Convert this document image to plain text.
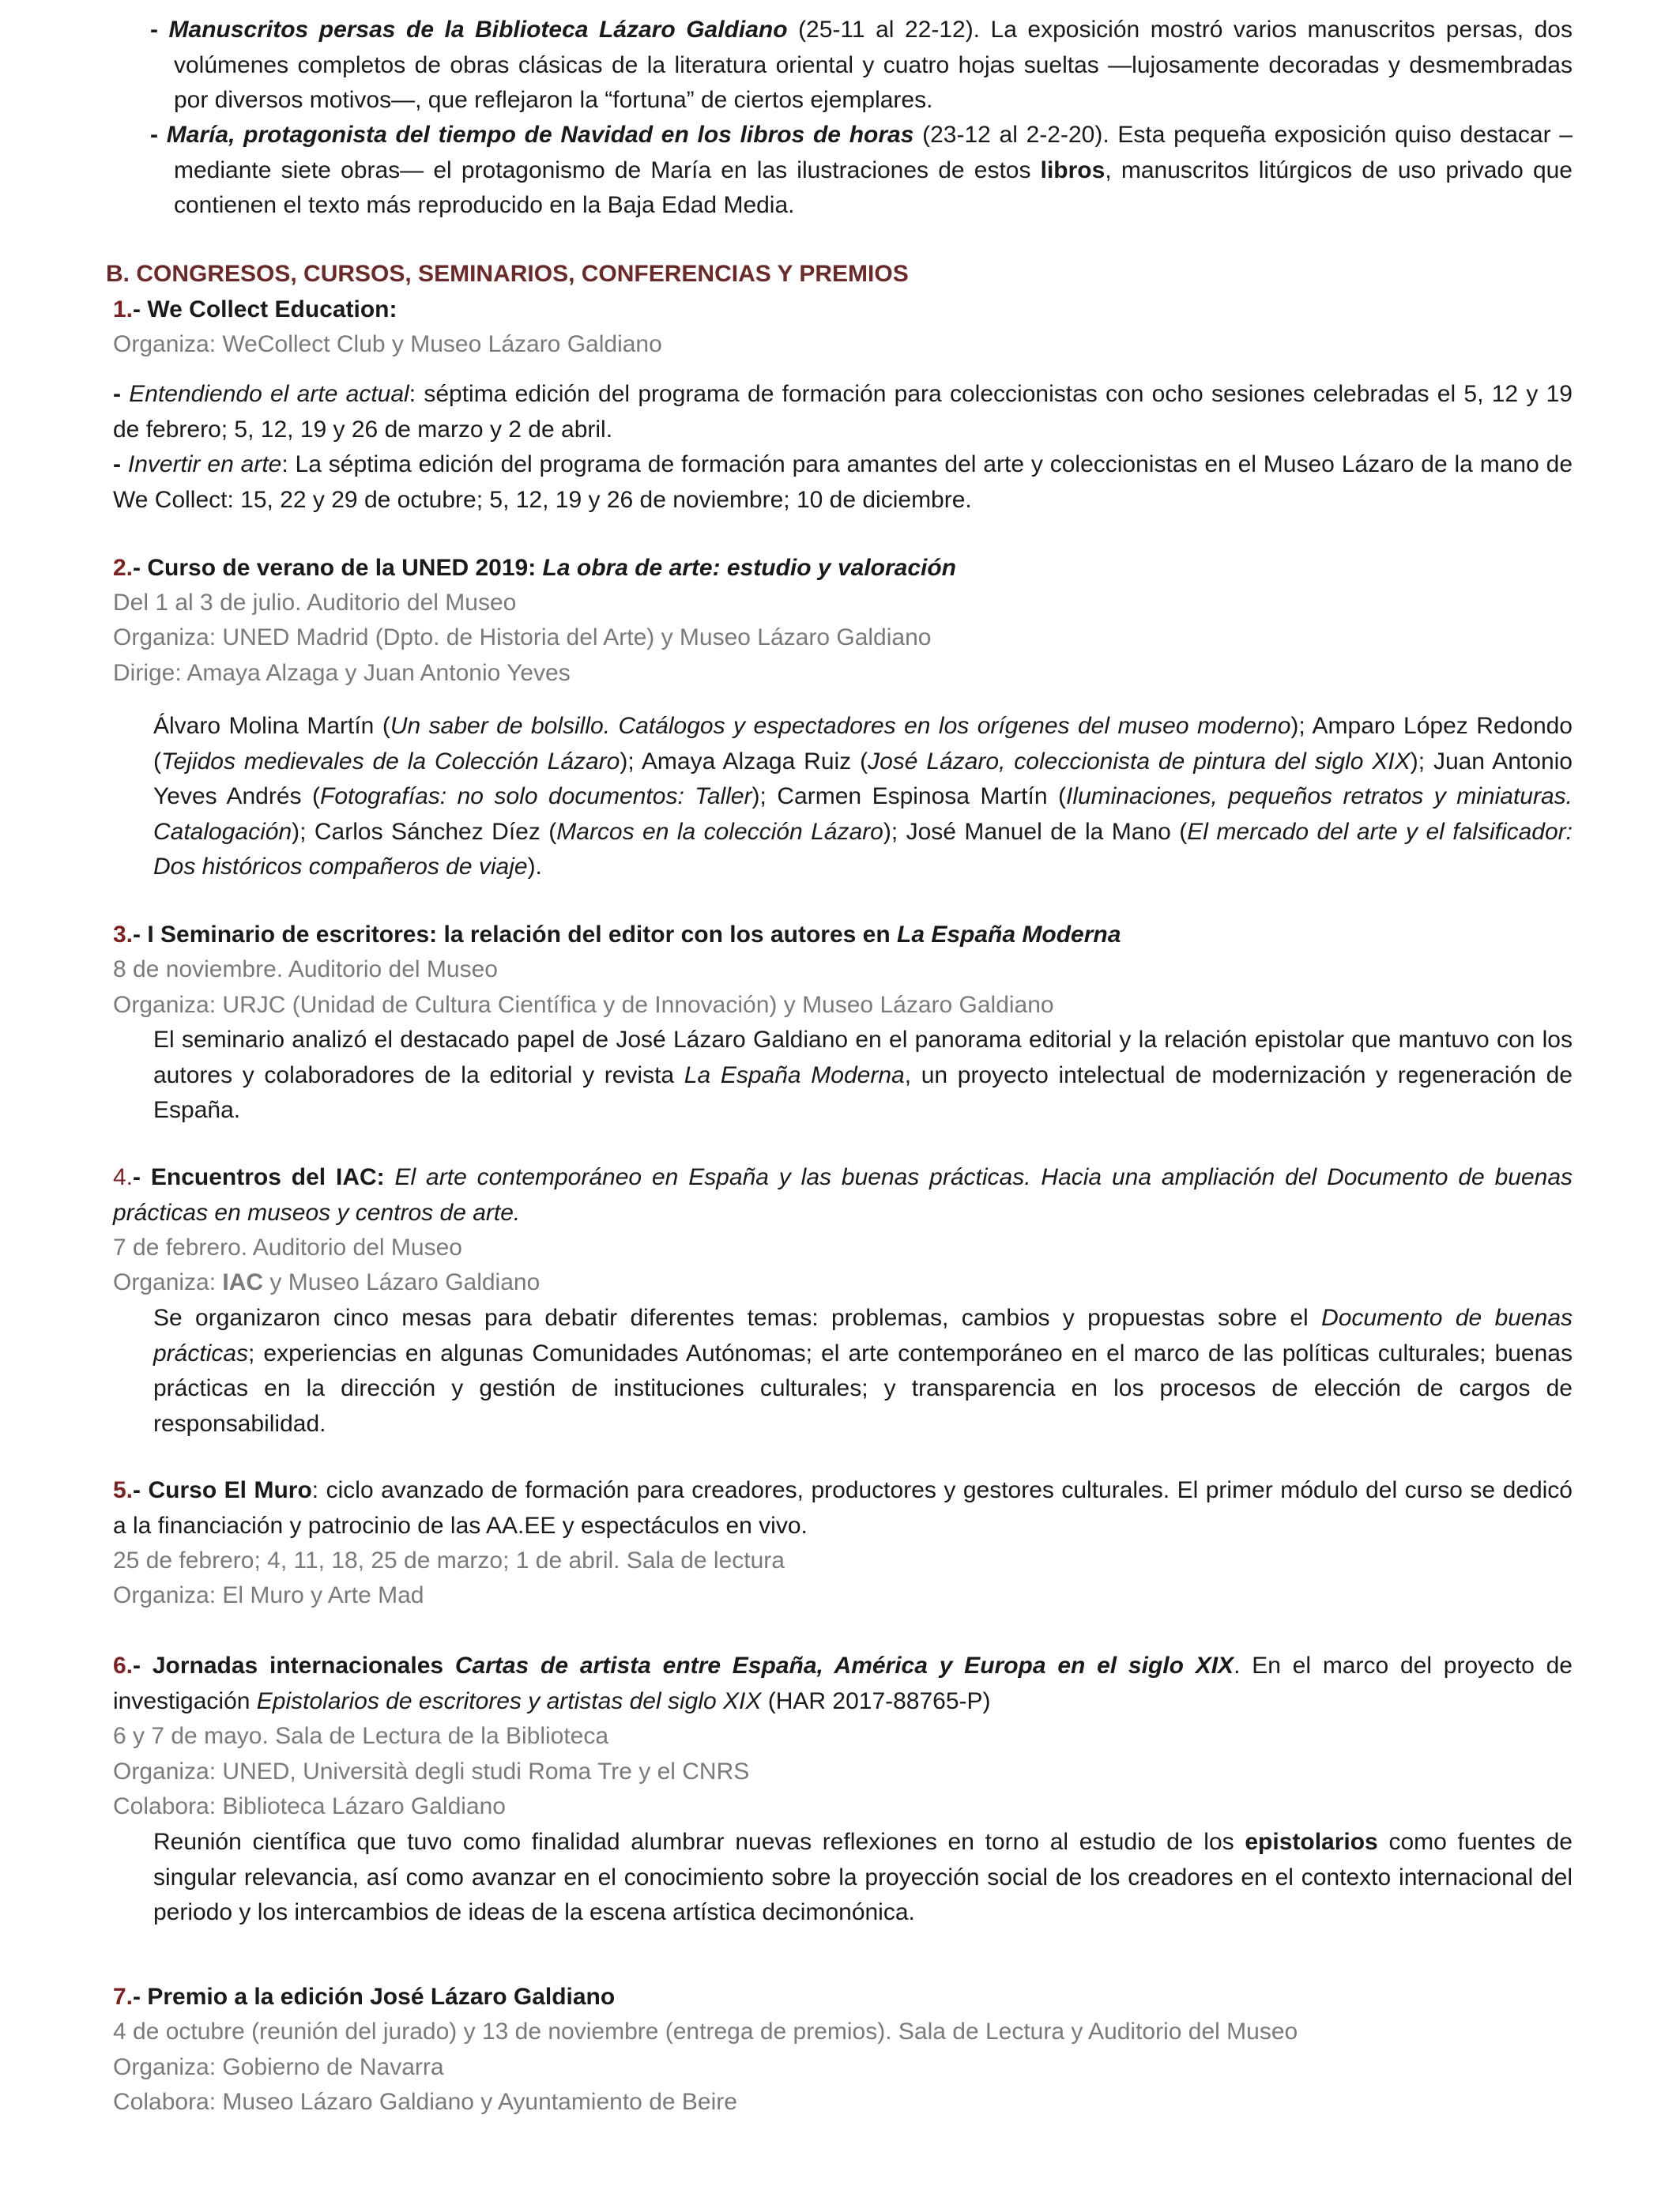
- Manuscritos persas de la Biblioteca Lázaro Galdiano (25-11 al 22-12). La exposición mostró varios manuscritos persas, dos volúmenes completos de obras clásicas de la literatura oriental y cuatro hojas sueltas —lujosamente decoradas y desmembradas por diversos motivos—, que reflejaron la “fortuna” de ciertos ejemplares.
- María, protagonista del tiempo de Navidad en los libros de horas (23-12 al 2-2-20). Esta pequeña exposición quiso destacar –mediante siete obras— el protagonismo de María en las ilustraciones de estos libros, manuscritos litúrgicos de uso privado que contienen el texto más reproducido en la Baja Edad Media.
B. CONGRESOS, CURSOS, SEMINARIOS, CONFERENCIAS Y PREMIOS
1.- We Collect Education:
Organiza: WeCollect Club y Museo Lázaro Galdiano
- Entendiendo el arte actual: séptima edición del programa de formación para coleccionistas con ocho sesiones celebradas el 5, 12 y 19 de febrero; 5, 12, 19 y 26 de marzo y 2 de abril.
- Invertir en arte: La séptima edición del programa de formación para amantes del arte y coleccionistas en el Museo Lázaro de la mano de We Collect: 15, 22 y 29 de octubre; 5, 12, 19 y 26 de noviembre; 10 de diciembre.
2.- Curso de verano de la UNED 2019: La obra de arte: estudio y valoración
Del 1 al 3 de julio. Auditorio del Museo
Organiza: UNED Madrid (Dpto. de Historia del Arte) y Museo Lázaro Galdiano
Dirige: Amaya Alzaga y Juan Antonio Yeves
Álvaro Molina Martín (Un saber de bolsillo. Catálogos y espectadores en los orígenes del museo moderno); Amparo López Redondo (Tejidos medievales de la Colección Lázaro); Amaya Alzaga Ruiz (José Lázaro, coleccionista de pintura del siglo XIX); Juan Antonio Yeves Andrés (Fotografías: no solo documentos: Taller); Carmen Espinosa Martín (Iluminaciones, pequeños retratos y miniaturas. Catalogación); Carlos Sánchez Díez (Marcos en la colección Lázaro); José Manuel de la Mano (El mercado del arte y el falsificador: Dos históricos compañeros de viaje).
3.- I Seminario de escritores: la relación del editor con los autores en La España Moderna
8 de noviembre. Auditorio del Museo
Organiza: URJC (Unidad de Cultura Científica y de Innovación) y Museo Lázaro Galdiano
El seminario analizó el destacado papel de José Lázaro Galdiano en el panorama editorial y la relación epistolar que mantuvo con los autores y colaboradores de la editorial y revista La España Moderna, un proyecto intelectual de modernización y regeneración de España.
4.- Encuentros del IAC: El arte contemporáneo en España y las buenas prácticas. Hacia una ampliación del Documento de buenas prácticas en museos y centros de arte.
7 de febrero. Auditorio del Museo
Organiza: IAC y Museo Lázaro Galdiano
Se organizaron cinco mesas para debatir diferentes temas: problemas, cambios y propuestas sobre el Documento de buenas prácticas; experiencias en algunas Comunidades Autónomas; el arte contemporáneo en el marco de las políticas culturales; buenas prácticas en la dirección y gestión de instituciones culturales; y transparencia en los procesos de elección de cargos de responsabilidad.
5.- Curso El Muro: ciclo avanzado de formación para creadores, productores y gestores culturales. El primer módulo del curso se dedicó a la financiación y patrocinio de las AA.EE y espectáculos en vivo.
25 de febrero; 4, 11, 18, 25 de marzo; 1 de abril. Sala de lectura
Organiza: El Muro y Arte Mad
6.- Jornadas internacionales Cartas de artista entre España, América y Europa en el siglo XIX. En el marco del proyecto de investigación Epistolarios de escritores y artistas del siglo XIX (HAR 2017-88765-P)
6 y 7 de mayo. Sala de Lectura de la Biblioteca
Organiza: UNED, Università degli studi Roma Tre y el CNRS
Colabora: Biblioteca Lázaro Galdiano
Reunión científica que tuvo como finalidad alumbrar nuevas reflexiones en torno al estudio de los epistolarios como fuentes de singular relevancia, así como avanzar en el conocimiento sobre la proyección social de los creadores en el contexto internacional del periodo y los intercambios de ideas de la escena artística decimonónica.
7.- Premio a la edición José Lázaro Galdiano
4 de octubre (reunión del jurado) y 13 de noviembre (entrega de premios). Sala de Lectura y Auditorio del Museo
Organiza: Gobierno de Navarra
Colabora: Museo Lázaro Galdiano y Ayuntamiento de Beire
